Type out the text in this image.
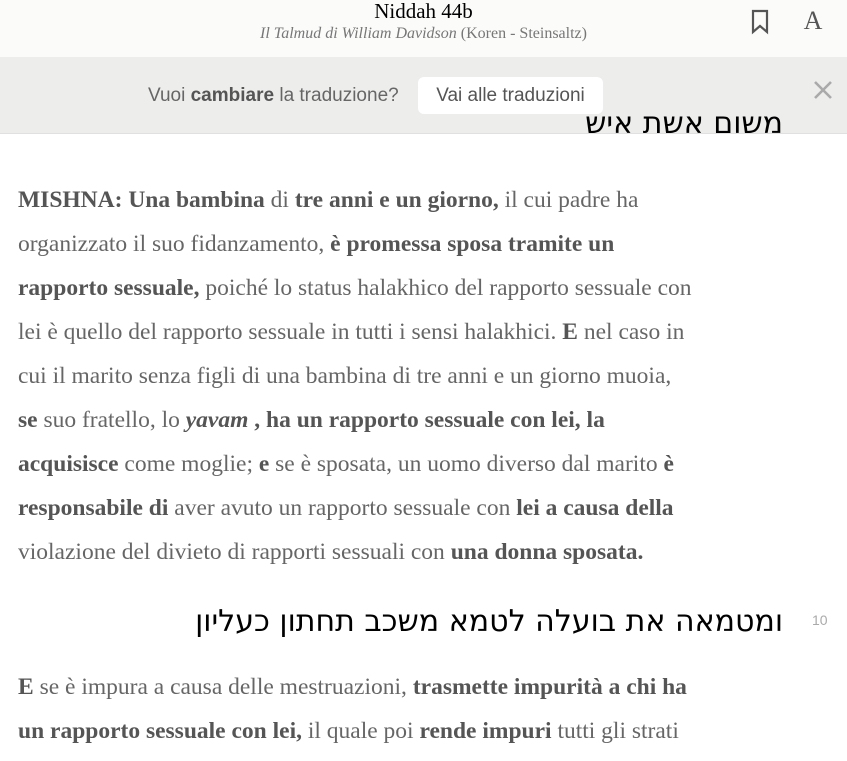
Niddah 44b
Il Talmud di William Davidson (Koren - Steinsaltz)	A
Vuoi cambiare la traduzione?	Vai alle traduzioni
משום אשת איש
MISHNA: Una bambina di tre anni e un giorno, il cui padre ha
organizzato il suo fidanzamento, è promessa sposa tramite un
rapporto sessuale, poiché lo status halakhico del rapporto sessuale con
lei è quello del rapporto sessuale in tutti i sensi halakhici. E nel caso in
cui il marito senza figli di una bambina di tre anni e un giorno muoia,
se suo fratello, lo yavam , ha un rapporto sessuale con lei, la
acquisisce come moglie; e se è sposata, un uomo diverso dal marito è
responsabile di aver avuto un rapporto sessuale con lei a causa della
violazione del divieto di rapporti sessuali con una donna sposata.
ומטמאה את בועלה לטמא משכב תחתון כעליון 10
E se è impura a causa delle mestruazioni, trasmette impurità a chi ha
un rapporto sessuale con lei, il quale poi rende impuri tutti gli strati
